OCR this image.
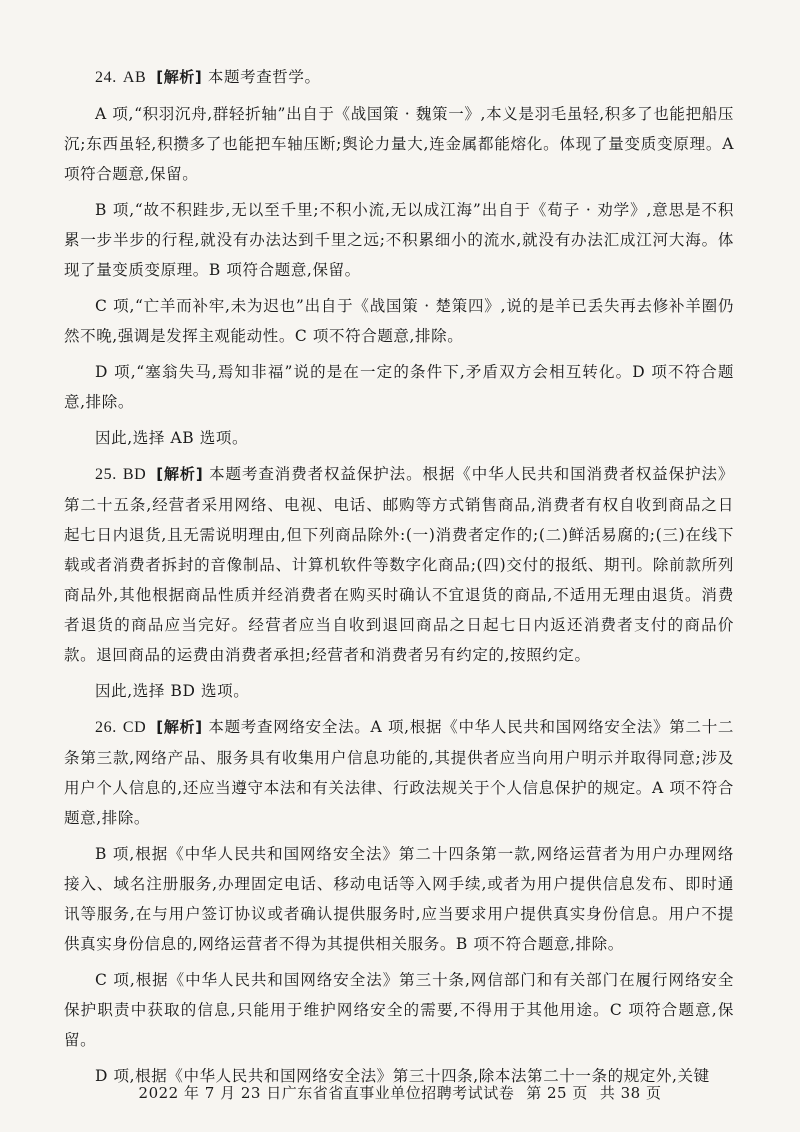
24. AB [解析] 本题考查哲学。

A 项,“积羽沉舟,群轻折轴”出自于《战国策 · 魏策一》,本义是羽毛虽轻,积多了也能把船压沉;东西虽轻,积攒多了也能把车轴压断;舆论力量大,连金属都能熔化。体现了量变质变原理。A 项符合题意,保留。

B 项,“故不积跬步,无以至千里;不积小流,无以成江海”出自于《荀子 · 劝学》,意思是不积累一步半步的行程,就没有办法达到千里之远;不积累细小的流水,就没有办法汇成江河大海。体现了量变质变原理。B 项符合题意,保留。

C 项,“亡羊而补牢,未为迟也”出自于《战国策 · 楚策四》,说的是羊已丢失再去修补羊圈仍然不晚,强调是发挥主观能动性。C 项不符合题意,排除。

D 项,“塞翁失马,焉知非福”说的是在一定的条件下,矛盾双方会相互转化。D 项不符合题意,排除。

因此,选择 AB 选项。

25. BD [解析] 本题考查消费者权益保护法。根据《中华人民共和国消费者权益保护法》第二十五条,经营者采用网络、电视、电话、邮购等方式销售商品,消费者有权自收到商品之日起七日内退货,且无需说明理由,但下列商品除外:(一)消费者定作的;(二)鲜活易腐的;(三)在线下载或者消费者拆封的音像制品、计算机软件等数字化商品;(四)交付的报纸、期刊。除前款所列商品外,其他根据商品性质并经消费者在购买时确认不宜退货的商品,不适用无理由退货。消费者退货的商品应当完好。经营者应当自收到退回商品之日起七日内返还消费者支付的商品价款。退回商品的运费由消费者承担;经营者和消费者另有约定的,按照约定。

因此,选择 BD 选项。

26. CD [解析] 本题考查网络安全法。A 项,根据《中华人民共和国网络安全法》第二十二条第三款,网络产品、服务具有收集用户信息功能的,其提供者应当向用户明示并取得同意;涉及用户个人信息的,还应当遵守本法和有关法律、行政法规关于个人信息保护的规定。A 项不符合题意,排除。

B 项,根据《中华人民共和国网络安全法》第二十四条第一款,网络运营者为用户办理网络接入、域名注册服务,办理固定电话、移动电话等入网手续,或者为用户提供信息发布、即时通讯等服务,在与用户签订协议或者确认提供服务时,应当要求用户提供真实身份信息。用户不提供真实身份信息的,网络运营者不得为其提供相关服务。B 项不符合题意,排除。

C 项,根据《中华人民共和国网络安全法》第三十条,网信部门和有关部门在履行网络安全保护职责中获取的信息,只能用于维护网络安全的需要,不得用于其他用途。C 项符合题意,保留。

D 项,根据《中华人民共和国网络安全法》第三十四条,除本法第二十一条的规定外,关键

2022 年 7 月 23 日广东省省直事业单位招聘考试试卷 第 25 页 共 38 页
